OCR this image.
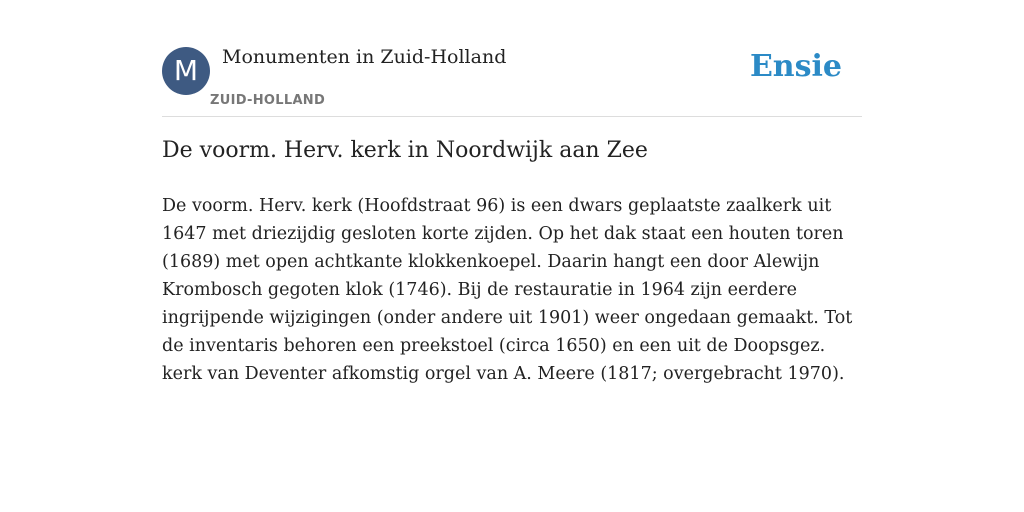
M	Monumenten in Zuid-Holland
ZUID-HOLLAND
Ensie
De voorm. Herv. kerk in Noordwijk aan Zee

De voorm. Herv. kerk (Hoofdstraat 96) is een dwars geplaatste zaalkerk uit 1647 met driezijdig gesloten korte zijden. Op het dak staat een houten toren (1689) met open achtkante klokkenkoepel. Daarin hangt een door Alewijn Krombosch gegoten klok (1746). Bij de restauratie in 1964 zijn eerdere ingrijpende wijzigingen (onder andere uit 1901) weer ongedaan gemaakt. Tot de inventaris behoren een preekstoel (circa 1650) en een uit de Doopsgez. kerk van Deventer afkomstig orgel van A. Meere (1817; overgebracht 1970).
